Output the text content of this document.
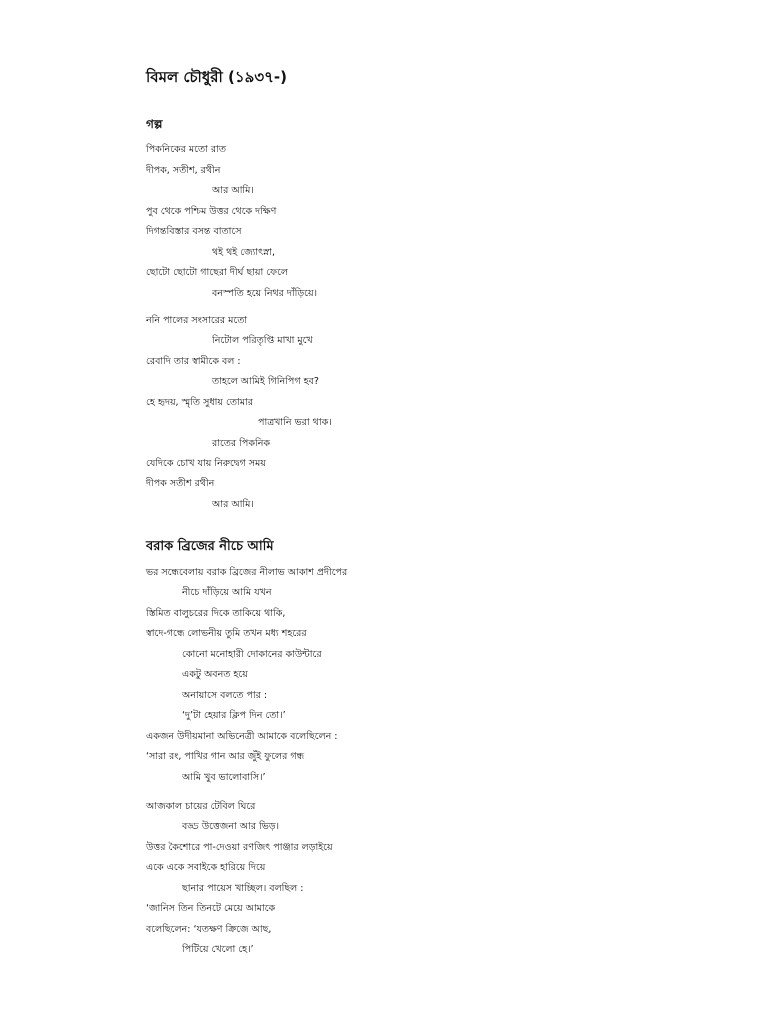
বিমল চৌধুরী (১৯৩৭-)
গল্প
পিকনিকের মতো রাত
দীপক, সতীশ, রথীন
আর আমি।
পুব থেকে পশ্চিম উত্তর থেকে দক্ষিণ
দিগন্তবিস্তার বসন্ত বাতাসে
থই থই জ্যোৎস্না,
ছোটো ছোটো গাছেরা দীর্ঘ ছায়া ফেলে
বনস্পতি হয়ে নিথর দাঁড়িয়ে।
ননি পালের সংসারের মতো
নিটোল পরিতৃপ্তি মাখা মুখে
রেবাদি তার স্বামীকে বল :
তাহলে আমিই গিনিপিগ হব?
হে হৃদয়, স্মৃতি সুধায় তোমার
পাত্রখানি ভরা থাক।
রাতের পিকনিক
যেদিকে চোখ যায় নিরুদ্বেগ সময়
দীপক সতীশ রথীন
আর আমি।
বরাক ব্রিজের নীচে আমি
ভর সন্ধেবেলায় বরাক ব্রিজের নীলাভ আকাশ প্রদীপের
নীচে দাঁড়িয়ে আমি যখন
স্তিমিত বালুচরের দিকে তাকিয়ে থাকি,
স্বাদে-গন্ধে লোভনীয় তুমি তখন মধ্য শহরের
কোনো মনোহারী দোকানের কাউন্টারে
একটু অবনত হয়ে
অনায়াসে বলতে পার :
‘দু’টা হেয়ার ক্লিপ দিন তো।’
একজন উদীয়মানা অভিনেত্রী আমাকে বলেছিলেন :
‘সারা রং, পাখির গান আর জুঁই ফুলের গন্ধ
আমি খুব ভালোবাসি।’
আজকাল চায়ের টেবিল ঘিরে
বড্ড উত্তেজনা আর ভিড়।
উত্তর কৈশোরে পা-দেওয়া রণজিৎ পাঞ্জার লড়াইয়ে
একে একে সবাইকে হারিয়ে দিয়ে
ছানার পায়েস খাচ্ছিল। বলছিল :
‘জানিস তিন তিনটে মেয়ে আমাকে
বলেছিলেন: ‘যতক্ষণ ক্রিজে আছ,
পিটিয়ে খেলো হে।’
